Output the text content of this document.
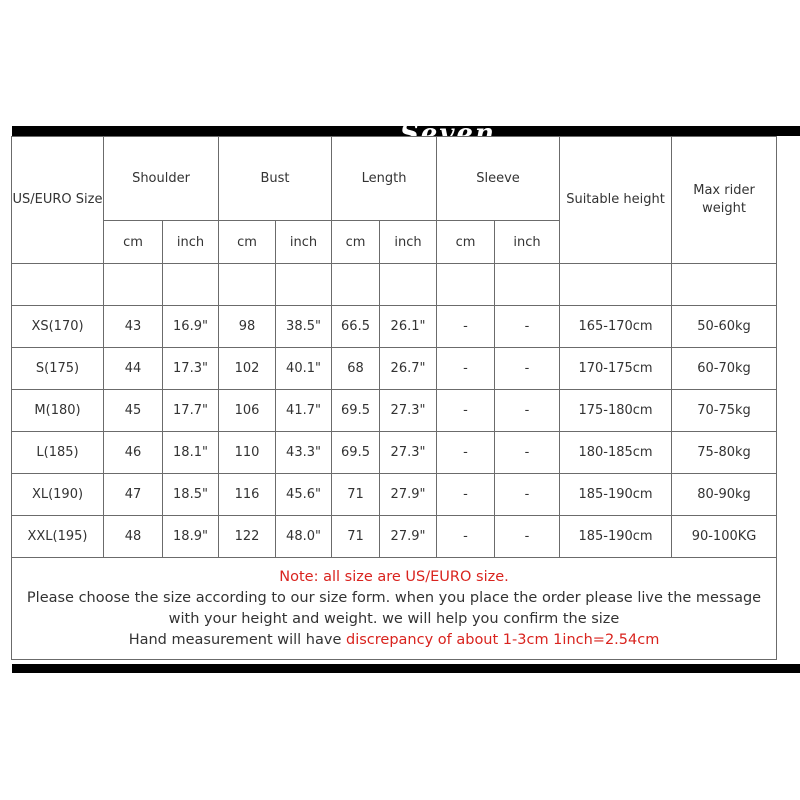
Seven 509
US/EURO Size	Shoulder		Bust		Length		Sleeve		Suitable height	Max rider weight
	cm	inch	cm	inch	cm	inch	cm	inch		

XS(170)	43	16.9"	98	38.5"	66.5	26.1"	-	-	165-170cm	50-60kg
S(175)	44	17.3"	102	40.1"	68	26.7"	-	-	170-175cm	60-70kg
M(180)	45	17.7"	106	41.7"	69.5	27.3"	-	-	175-180cm	70-75kg
L(185)	46	18.1"	110	43.3"	69.5	27.3"	-	-	180-185cm	75-80kg
XL(190)	47	18.5"	116	45.6"	71	27.9"	-	-	185-190cm	80-90kg
XXL(195)	48	18.9"	122	48.0"	71	27.9"	-	-	185-190cm	90-100KG

Note: all size are US/EURO size.
Please choose the size according to our size form. when you place the order please live the message with your height and weight. we will help you confirm the size
Hand measurement will have discrepancy of about 1-3cm 1inch=2.54cm										
